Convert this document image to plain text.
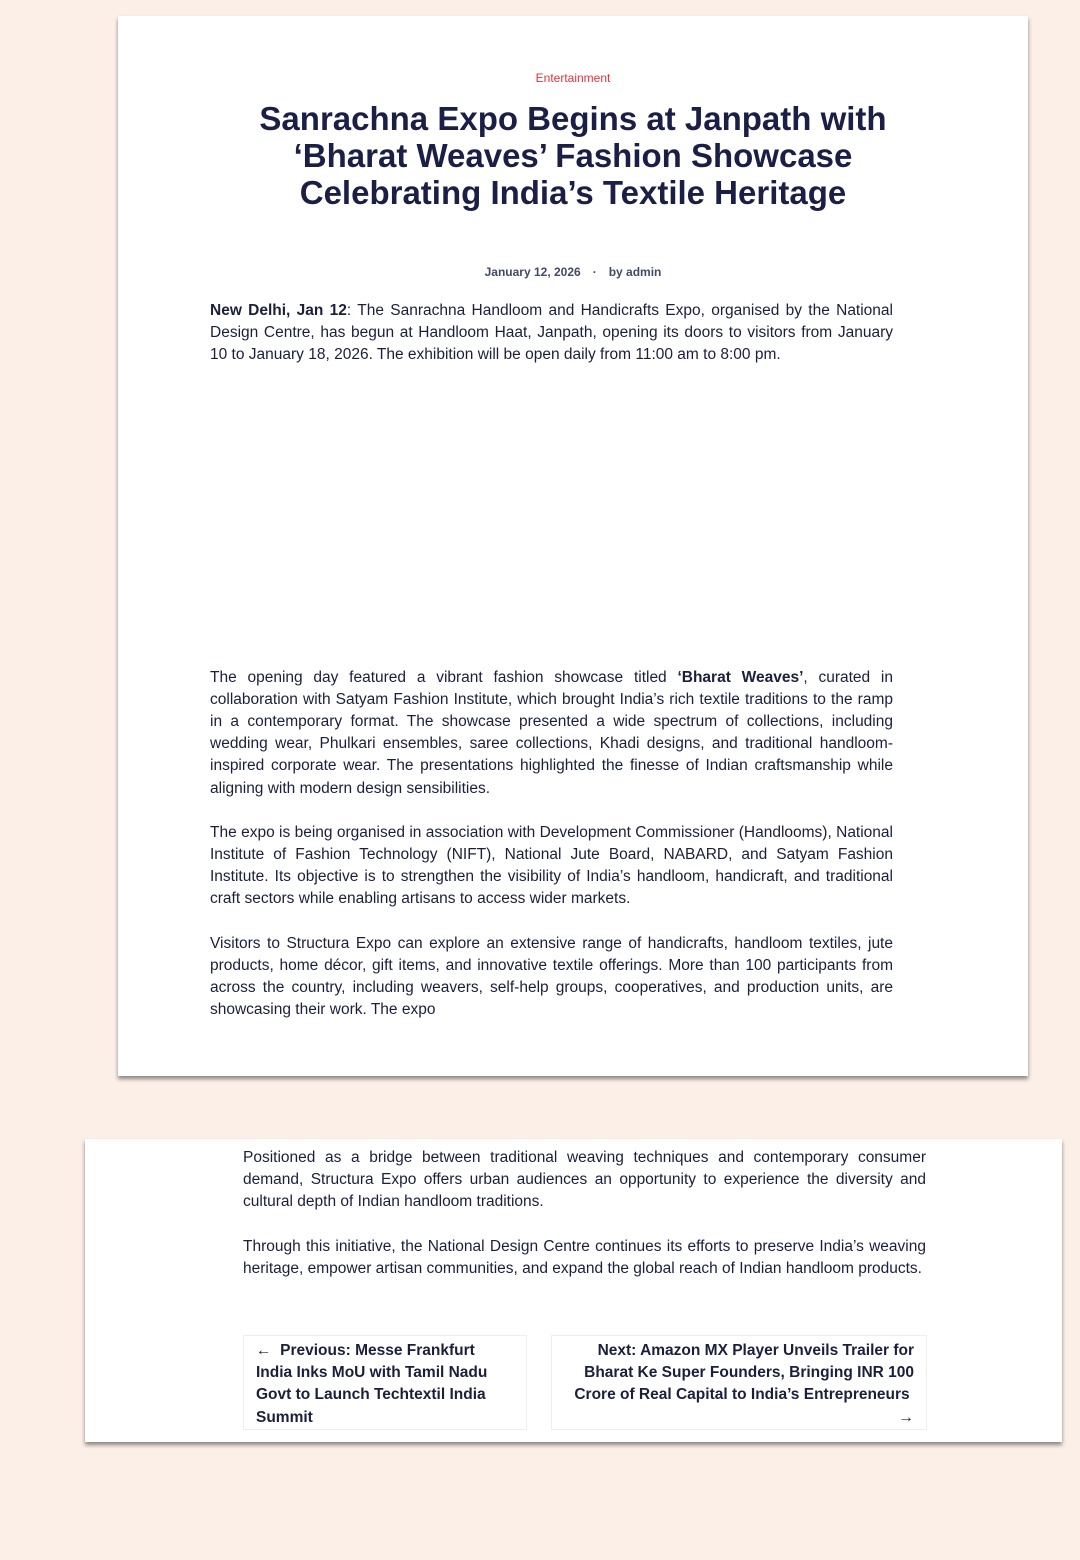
Entertainment
Sanrachna Expo Begins at Janpath with ‘Bharat Weaves’ Fashion Showcase Celebrating India’s Textile Heritage
January 12, 2026 · by admin

New Delhi, Jan 12: The Sanrachna Handloom and Handicrafts Expo, organised by the National Design Centre, has begun at Handloom Haat, Janpath, opening its doors to visitors from January 10 to January 18, 2026. The exhibition will be open daily from 11:00 am to 8:00 pm.

The opening day featured a vibrant fashion showcase titled ‘Bharat Weaves’, curated in collaboration with Satyam Fashion Institute, which brought India’s rich textile traditions to the ramp in a contemporary format. The showcase presented a wide spectrum of collections, including wedding wear, Phulkari ensembles, saree collections, Khadi designs, and traditional handloom-inspired corporate wear. The presentations highlighted the finesse of Indian craftsmanship while aligning with modern design sensibilities.

The expo is being organised in association with Development Commissioner (Handlooms), National Institute of Fashion Technology (NIFT), National Jute Board, NABARD, and Satyam Fashion Institute. Its objective is to strengthen the visibility of India’s handloom, handicraft, and traditional craft sectors while enabling artisans to access wider markets.

Visitors to Structura Expo can explore an extensive range of handicrafts, handloom textiles, jute products, home décor, gift items, and innovative textile offerings. More than 100 participants from across the country, including weavers, self-help groups, cooperatives, and production units, are showcasing their work. The expo

Positioned as a bridge between traditional weaving techniques and contemporary consumer demand, Structura Expo offers urban audiences an opportunity to experience the diversity and cultural depth of Indian handloom traditions.

Through this initiative, the National Design Centre continues its efforts to preserve India’s weaving heritage, empower artisan communities, and expand the global reach of Indian handloom products.

← Previous: Messe Frankfurt India Inks MoU with Tamil Nadu Govt to Launch Techtextil India Summit
Next: Amazon MX Player Unveils Trailer for Bharat Ke Super Founders, Bringing INR 100 Crore of Real Capital to India’s Entrepreneurs  →
